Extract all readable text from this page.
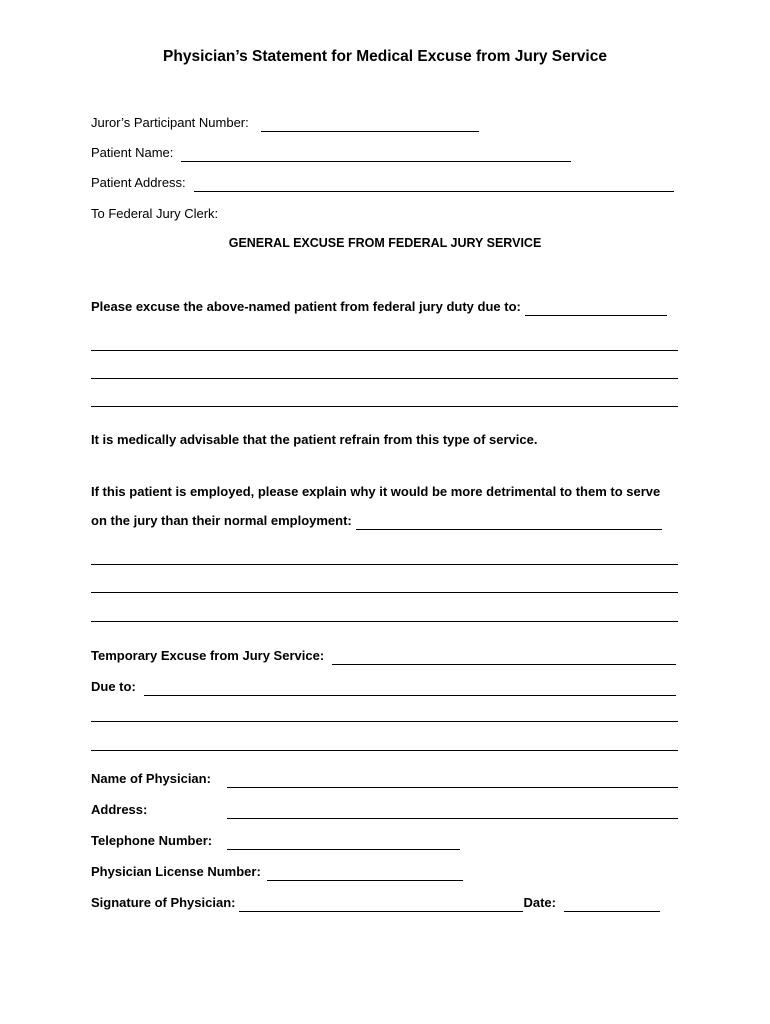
Physician’s Statement for Medical Excuse from Jury Service
Juror’s Participant Number:
Patient Name:
Patient Address:
To Federal Jury Clerk:
GENERAL EXCUSE FROM FEDERAL JURY SERVICE
Please excuse the above-named patient from federal jury duty due to:
It is medically advisable that the patient refrain from this type of service.
If this patient is employed, please explain why it would be more detrimental to them to serve
on the jury than their normal employment:
Temporary Excuse from Jury Service:
Due to:
Name of Physician:
Address:
Telephone Number:
Physician License Number:
Signature of Physician:	Date:
